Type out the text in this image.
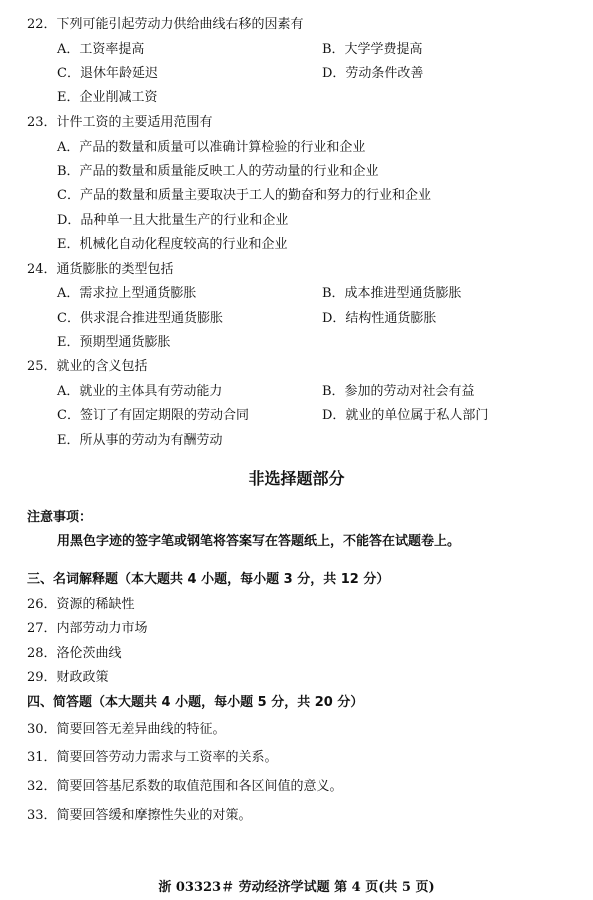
22．下列可能引起劳动力供给曲线右移的因素有
A．工资率提高	B．大学学费提高
C．退休年龄延迟	D．劳动条件改善
E．企业削减工资
23．计件工资的主要适用范围有
A．产品的数量和质量可以准确计算检验的行业和企业
B．产品的数量和质量能反映工人的劳动量的行业和企业
C．产品的数量和质量主要取决于工人的勤奋和努力的行业和企业
D．品种单一且大批量生产的行业和企业
E．机械化自动化程度较高的行业和企业
24．通货膨胀的类型包括
A．需求拉上型通货膨胀	B．成本推进型通货膨胀
C．供求混合推进型通货膨胀	D．结构性通货膨胀
E．预期型通货膨胀
25．就业的含义包括
A．就业的主体具有劳动能力	B．参加的劳动对社会有益
C．签订了有固定期限的劳动合同	D．就业的单位属于私人部门
E．所从事的劳动为有酬劳动
非选择题部分
注意事项：
用黑色字迹的签字笔或钢笔将答案写在答题纸上，不能答在试题卷上。
三、名词解释题（本大题共 4 小题，每小题 3 分，共 12 分）
26．资源的稀缺性
27．内部劳动力市场
28．洛伦茨曲线
29．财政政策
四、简答题（本大题共 4 小题，每小题 5 分，共 20 分）
30．简要回答无差异曲线的特征。
31．简要回答劳动力需求与工资率的关系。
32．简要回答基尼系数的取值范围和各区间值的意义。
33．简要回答缓和摩擦性失业的对策。
浙 03323＃ 劳动经济学试题 第 4 页(共 5 页)
